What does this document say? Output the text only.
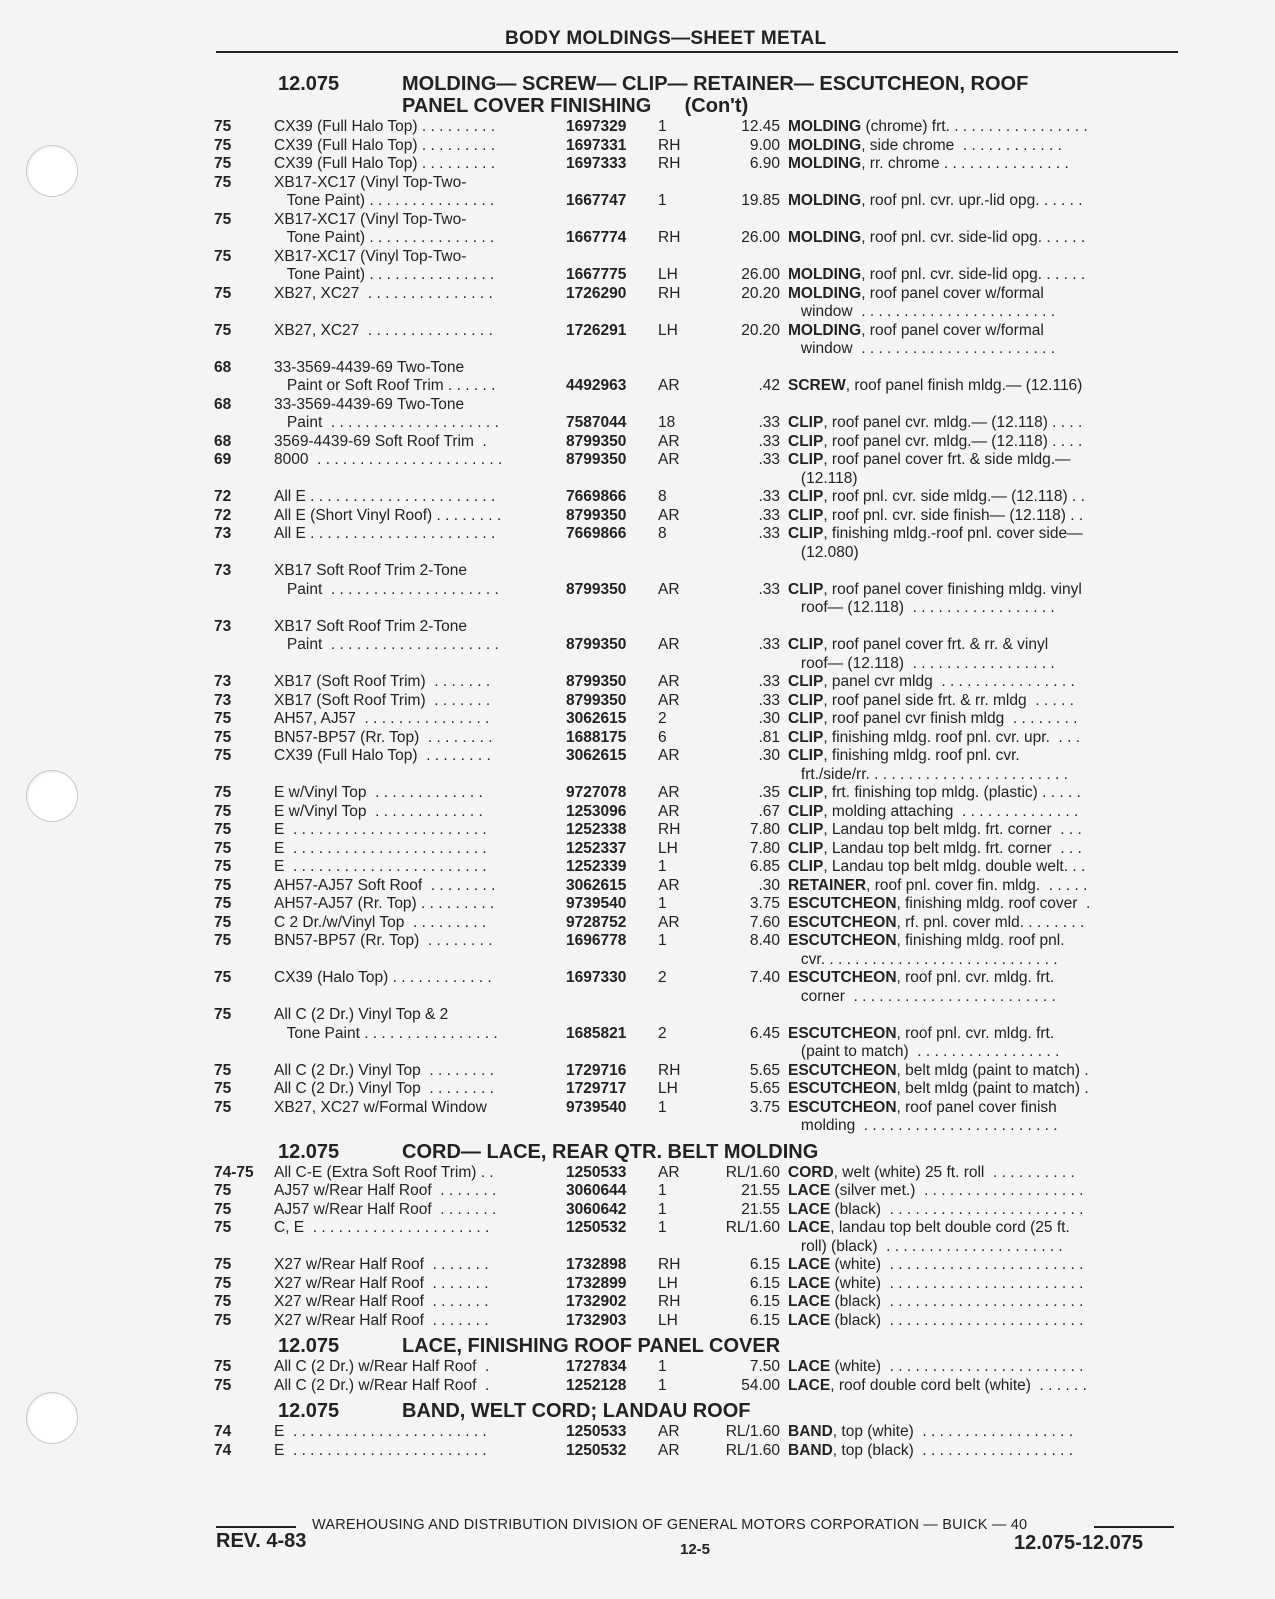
BODY MOLDINGS—SHEET METAL
12.075	MOLDING— SCREW— CLIP— RETAINER— ESCUTCHEON, ROOF
PANEL COVER FINISHING      (Con't)
75	CX39 (Full Halo Top) . . . . . . . . .	1697329	1	12.45 MOLDING (chrome) frt. . . . . . . . . . . . . . . . .
75	CX39 (Full Halo Top) . . . . . . . . .	1697331	RH	9.00 MOLDING, side chrome  . . . . . . . . . . . .
75	CX39 (Full Halo Top) . . . . . . . . .	1697333	RH	6.90 MOLDING, rr. chrome . . . . . . . . . . . . . . .
75	XB17-XC17 (Vinyl Top-Two-
Tone Paint) . . . . . . . . . . . . . . .	1667747	1	19.85 MOLDING, roof pnl. cvr. upr.-lid opg. . . . . .
75	XB17-XC17 (Vinyl Top-Two-
Tone Paint) . . . . . . . . . . . . . . .	1667774	RH	26.00 MOLDING, roof pnl. cvr. side-lid opg. . . . . .
75	XB17-XC17 (Vinyl Top-Two-
Tone Paint) . . . . . . . . . . . . . . .	1667775	LH	26.00 MOLDING, roof pnl. cvr. side-lid opg. . . . . .
75	XB27, XC27  . . . . . . . . . . . . . . .	1726290	RH	20.20 MOLDING, roof panel cover w/formal
window  . . . . . . . . . . . . . . . . . . . . . . .
75	XB27, XC27  . . . . . . . . . . . . . . .	1726291	LH	20.20 MOLDING, roof panel cover w/formal
window  . . . . . . . . . . . . . . . . . . . . . . .
68	33-3569-4439-69 Two-Tone
Paint or Soft Roof Trim . . . . . .	4492963	AR	.42 SCREW, roof panel finish mldg.— (12.116)
68	33-3569-4439-69 Two-Tone
Paint  . . . . . . . . . . . . . . . . . . . .	7587044	18	.33 CLIP, roof panel cvr. mldg.— (12.118) . . . .
68	3569-4439-69 Soft Roof Trim  .	8799350	AR	.33 CLIP, roof panel cvr. mldg.— (12.118) . . . .
69	8000  . . . . . . . . . . . . . . . . . . . . . .	8799350	AR	.33 CLIP, roof panel cover frt. & side mldg.—
(12.118)
72	All E . . . . . . . . . . . . . . . . . . . . . .	7669866	8	.33 CLIP, roof pnl. cvr. side mldg.— (12.118) . .
72	All E (Short Vinyl Roof) . . . . . . . .	8799350	AR	.33 CLIP, roof pnl. cvr. side finish— (12.118) . .
73	All E . . . . . . . . . . . . . . . . . . . . . .	7669866	8	.33 CLIP, finishing mldg.-roof pnl. cover side—
(12.080)
73	XB17 Soft Roof Trim 2-Tone
Paint  . . . . . . . . . . . . . . . . . . . .	8799350	AR	.33 CLIP, roof panel cover finishing mldg. vinyl
roof— (12.118)  . . . . . . . . . . . . . . . . .
73	XB17 Soft Roof Trim 2-Tone
Paint  . . . . . . . . . . . . . . . . . . . .	8799350	AR	.33 CLIP, roof panel cover frt. & rr. & vinyl
roof— (12.118)  . . . . . . . . . . . . . . . . .
73	XB17 (Soft Roof Trim)  . . . . . . .	8799350	AR	.33 CLIP, panel cvr mldg  . . . . . . . . . . . . . . . .
73	XB17 (Soft Roof Trim)  . . . . . . .	8799350	AR	.33 CLIP, roof panel side frt. & rr. mldg  . . . . .
75	AH57, AJ57  . . . . . . . . . . . . . . .	3062615	2	.30 CLIP, roof panel cvr finish mldg  . . . . . . . .
75	BN57-BP57 (Rr. Top)  . . . . . . . .	1688175	6	.81 CLIP, finishing mldg. roof pnl. cvr. upr.  . . .
75	CX39 (Full Halo Top)  . . . . . . . .	3062615	AR	.30 CLIP, finishing mldg. roof pnl. cvr.
frt./side/rr. . . . . . . . . . . . . . . . . . . . . . . .
75	E w/Vinyl Top  . . . . . . . . . . . . .	9727078	AR	.35 CLIP, frt. finishing top mldg. (plastic) . . . . .
75	E w/Vinyl Top  . . . . . . . . . . . . .	1253096	AR	.67 CLIP, molding attaching  . . . . . . . . . . . . . .
75	E  . . . . . . . . . . . . . . . . . . . . . . .	1252338	RH	7.80 CLIP, Landau top belt mldg. frt. corner  . . .
75	E  . . . . . . . . . . . . . . . . . . . . . . .	1252337	LH	7.80 CLIP, Landau top belt mldg. frt. corner  . . .
75	E  . . . . . . . . . . . . . . . . . . . . . . .	1252339	1	6.85 CLIP, Landau top belt mldg. double welt. . .
75	AH57-AJ57 Soft Roof  . . . . . . . .	3062615	AR	.30 RETAINER, roof pnl. cover fin. mldg.  . . . . .
75	AH57-AJ57 (Rr. Top) . . . . . . . . .	9739540	1	3.75 ESCUTCHEON, finishing mldg. roof cover  .
75	C 2 Dr./w/Vinyl Top  . . . . . . . . .	9728752	AR	7.60 ESCUTCHEON, rf. pnl. cover mld. . . . . . . .
75	BN57-BP57 (Rr. Top)  . . . . . . . .	1696778	1	8.40 ESCUTCHEON, finishing mldg. roof pnl.
cvr. . . . . . . . . . . . . . . . . . . . . . . . . . . .
75	CX39 (Halo Top) . . . . . . . . . . . .	1697330	2	7.40 ESCUTCHEON, roof pnl. cvr. mldg. frt.
corner  . . . . . . . . . . . . . . . . . . . . . . . .
75	All C (2 Dr.) Vinyl Top & 2
Tone Paint . . . . . . . . . . . . . . . .	1685821	2	6.45 ESCUTCHEON, roof pnl. cvr. mldg. frt.
(paint to match)  . . . . . . . . . . . . . . . . .
75	All C (2 Dr.) Vinyl Top  . . . . . . . .	1729716	RH	5.65 ESCUTCHEON, belt mldg (paint to match) .
75	All C (2 Dr.) Vinyl Top  . . . . . . . .	1729717	LH	5.65 ESCUTCHEON, belt mldg (paint to match) .
75	XB27, XC27 w/Formal Window	9739540	1	3.75 ESCUTCHEON, roof panel cover finish
molding  . . . . . . . . . . . . . . . . . . . . . . .
12.075	CORD— LACE, REAR QTR. BELT MOLDING
74-75	All C-E (Extra Soft Roof Trim) . .	1250533	AR	RL/1.60 CORD, welt (white) 25 ft. roll  . . . . . . . . . .
75	AJ57 w/Rear Half Roof  . . . . . . .	3060644	1	21.55 LACE (silver met.)  . . . . . . . . . . . . . . . . . . .
75	AJ57 w/Rear Half Roof  . . . . . . .	3060642	1	21.55 LACE (black)  . . . . . . . . . . . . . . . . . . . . . . .
75	C, E  . . . . . . . . . . . . . . . . . . . . .	1250532	1	RL/1.60 LACE, landau top belt double cord (25 ft.
roll) (black)  . . . . . . . . . . . . . . . . . . . . .
75	X27 w/Rear Half Roof  . . . . . . .	1732898	RH	6.15 LACE (white)  . . . . . . . . . . . . . . . . . . . . . . .
75	X27 w/Rear Half Roof  . . . . . . .	1732899	LH	6.15 LACE (white)  . . . . . . . . . . . . . . . . . . . . . . .
75	X27 w/Rear Half Roof  . . . . . . .	1732902	RH	6.15 LACE (black)  . . . . . . . . . . . . . . . . . . . . . . .
75	X27 w/Rear Half Roof  . . . . . . .	1732903	LH	6.15 LACE (black)  . . . . . . . . . . . . . . . . . . . . . . .
12.075	LACE, FINISHING ROOF PANEL COVER
75	All C (2 Dr.) w/Rear Half Roof  .	1727834	1	7.50 LACE (white)  . . . . . . . . . . . . . . . . . . . . . . .
75	All C (2 Dr.) w/Rear Half Roof  .	1252128	1	54.00 LACE, roof double cord belt (white)  . . . . . .
12.075	BAND, WELT CORD; LANDAU ROOF
74	E  . . . . . . . . . . . . . . . . . . . . . . .	1250533	AR	RL/1.60 BAND, top (white)  . . . . . . . . . . . . . . . . . .
74	E  . . . . . . . . . . . . . . . . . . . . . . .	1250532	AR	RL/1.60 BAND, top (black)  . . . . . . . . . . . . . . . . . .
WAREHOUSING AND DISTRIBUTION DIVISION OF GENERAL MOTORS CORPORATION — BUICK — 40
REV. 4-83	12-5	12.075-12.075
